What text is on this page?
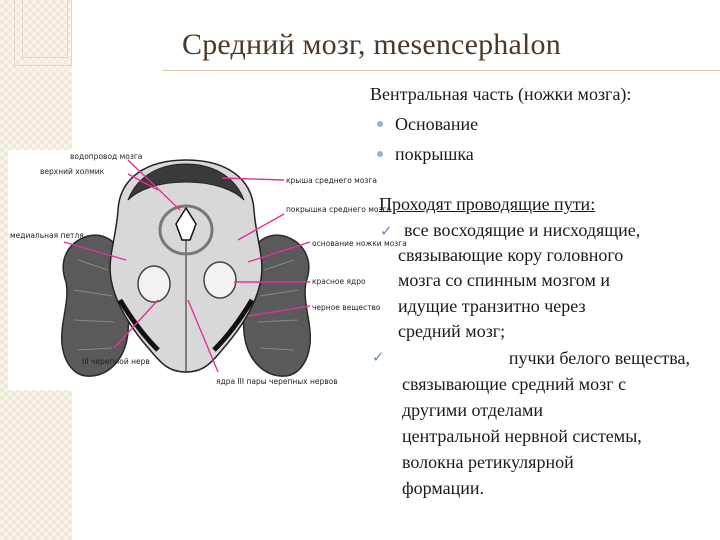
Средний мозг, mesencephalon
водопровод мозга
верхний холмик
крыша среднего мозга
покрышка среднего мозга
медиальная петля
основание ножки мозга
красное ядро
черное вещество
III черепной нерв
ядра III пары черепных нервов
Вентральная часть (ножки мозга):
Основание
покрышка
Проходят проводящие пути:
✓ все восходящие и нисходящие,
связывающие кору головного
мозга со спинным мозгом и
идущие транзитно через
средний мозг;
✓	пучки белого вещества,
связывающие средний мозг с
другими отделами
центральной нервной системы,
волокна ретикулярной
формации.
